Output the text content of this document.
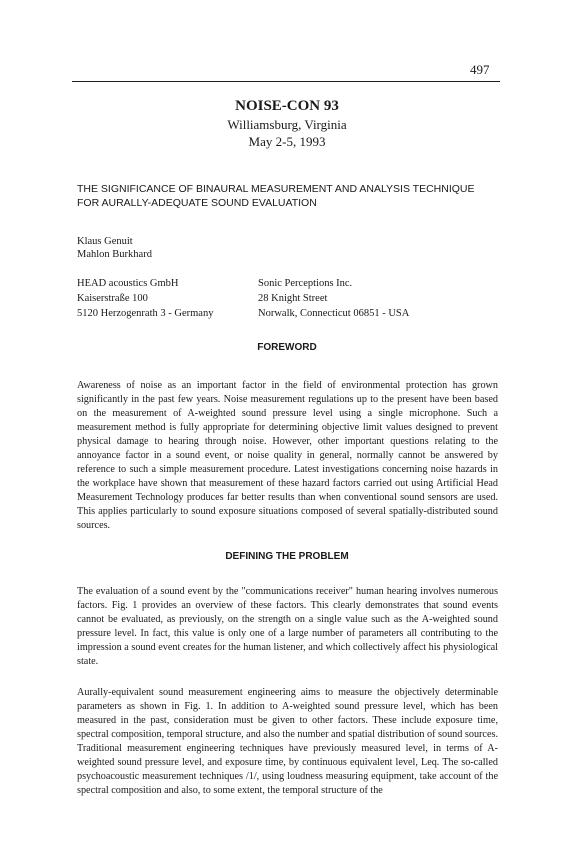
497
NOISE-CON 93
Williamsburg, Virginia
May 2-5, 1993
THE SIGNIFICANCE OF BINAURAL MEASUREMENT AND ANALYSIS TECHNIQUE
FOR AURALLY-ADEQUATE SOUND EVALUATION
Klaus Genuit
Mahlon Burkhard
HEAD acoustics GmbH
Kaiserstraße 100
5120 Herzogenrath 3 - Germany
Sonic Perceptions Inc.
28 Knight Street
Norwalk, Connecticut 06851 - USA
FOREWORD

Awareness of noise as an important factor in the field of environmental protection has grown significantly in the past few years. Noise measurement regulations up to the present have been based on the measurement of A-weighted sound pressure level using a single microphone. Such a measurement method is fully appropriate for determining objective limit values designed to prevent physical damage to hearing through noise. However, other important questions relating to the annoyance factor in a sound event, or noise quality in general, normally cannot be answered by reference to such a simple measurement procedure. Latest investigations concerning noise hazards in the workplace have shown that measurement of these hazard factors carried out using Artificial Head Measurement Technology produces far better results than when conventional sound sensors are used. This applies particularly to sound exposure situations composed of several spatially-distributed sound sources.

DEFINING THE PROBLEM

The evaluation of a sound event by the "communications receiver" human hearing involves numerous factors. Fig. 1 provides an overview of these factors. This clearly demonstrates that sound events cannot be evaluated, as previously, on the strength on a single value such as the A-weighted sound pressure level. In fact, this value is only one of a large number of parameters all contributing to the impression a sound event creates for the human listener, and which collectively affect his physiological state.

Aurally-equivalent sound measurement engineering aims to measure the objectively determinable parameters as shown in Fig. 1. In addition to A-weighted sound pressure level, which has been measured in the past, consideration must be given to other factors. These include exposure time, spectral composition, temporal structure, and also the number and spatial distribution of sound sources. Traditional measurement engineering techniques have previously measured level, in terms of A-weighted sound pressure level, and exposure time, by continuous equivalent level, Leq. The so-called psychoacoustic measurement techniques /1/, using loudness measuring equipment, take account of the spectral composition and also, to some extent, the temporal structure of the
